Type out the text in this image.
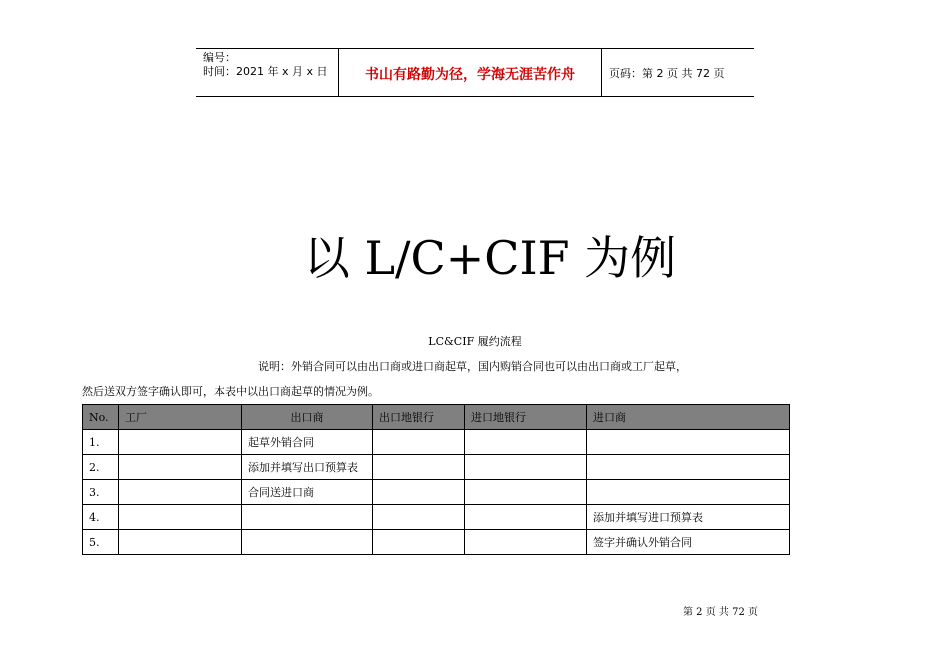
编号：
时间：2021 年 x 月 x 日	书山有路勤为径，学海无涯苦作舟	页码：第 2 页 共 72 页
以 L/C+CIF 为例
LC&CIF 履约流程
说明：外销合同可以由出口商或进口商起草，国内购销合同也可以由出口商或工厂起草，
然后送双方签字确认即可，本表中以出口商起草的情况为例。
No.	工厂	出口商	出口地银行	进口地银行	进口商
1.		起草外销合同			
2.		添加并填写出口预算表			
3.		合同送进口商			
4.					添加并填写进口预算表
5.					签字并确认外销合同
第 2 页 共 72 页
